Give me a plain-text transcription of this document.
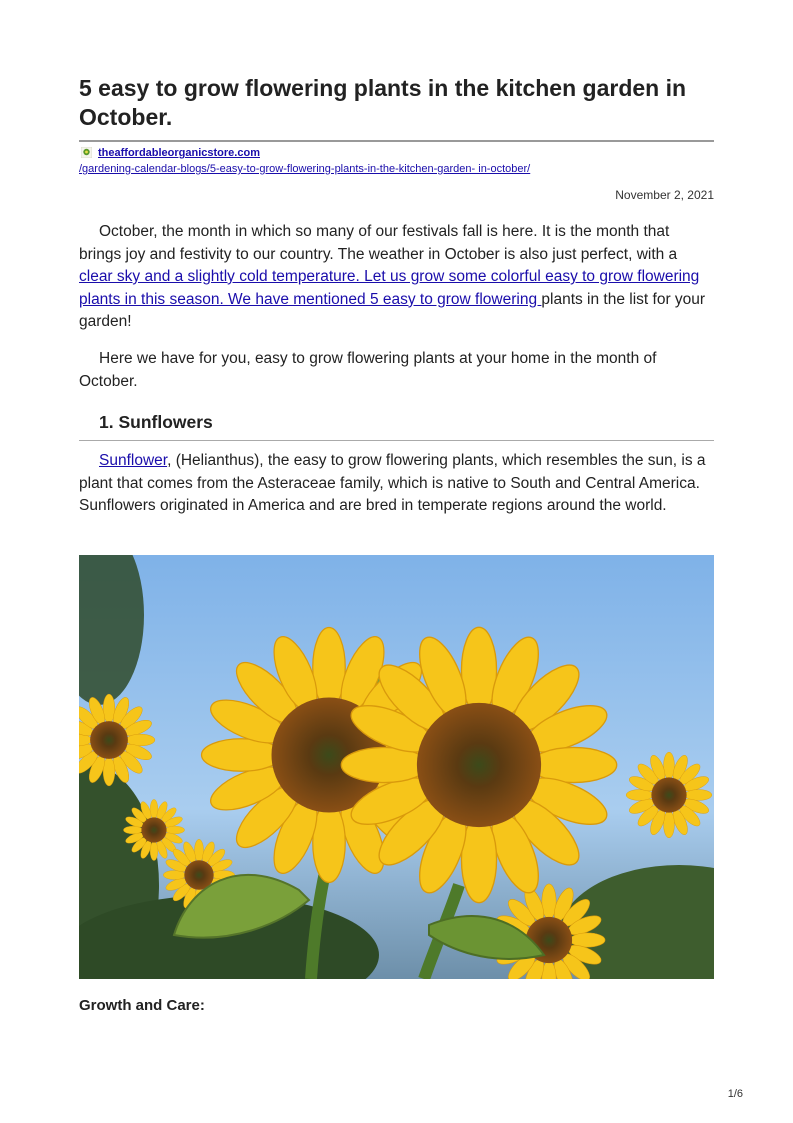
5 easy to grow flowering plants in the kitchen garden in October.
theaffordableorganicstore.com
/gardening-calendar-blogs/5-easy-to-grow-flowering-plants-in-the-kitchen-garden- in-october/
November 2, 2021

October, the month in which so many of our festivals fall is here. It is the month that brings joy and festivity to our country. The weather in October is also just perfect, with a clear sky and a slightly cold temperature. Let us grow some colorful easy to grow flowering plants in this season. We have mentioned 5 easy to grow flowering plants in the list for your garden!

Here we have for you, easy to grow flowering plants at your home in the month of October.

1. Sunflowers

Sunflower, (Helianthus), the easy to grow flowering plants, which resembles the sun, is a plant that comes from the Asteraceae family, which is native to South and Central America. Sunflowers originated in America and are bred in temperate regions around the world.

Growth and Care:
1/6
